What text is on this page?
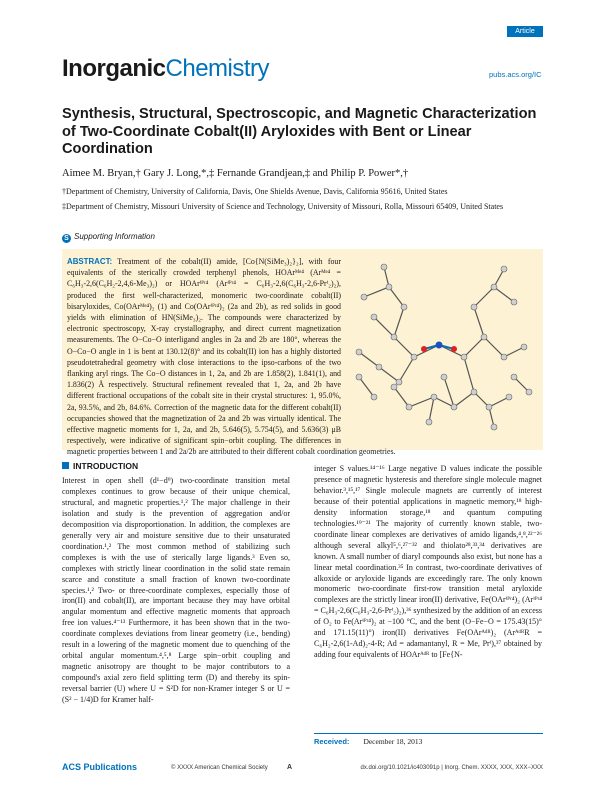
InorganicChemistry
Article
pubs.acs.org/IC
Synthesis, Structural, Spectroscopic, and Magnetic Characterization of Two-Coordinate Cobalt(II) Aryloxides with Bent or Linear Coordination
Aimee M. Bryan,† Gary J. Long,*,‡ Fernande Grandjean,‡ and Philip P. Power*,†
†Department of Chemistry, University of California, Davis, One Shields Avenue, Davis, California 95616, United States
‡Department of Chemistry, Missouri University of Science and Technology, University of Missouri, Rolla, Missouri 65409, United States
S Supporting Information
ABSTRACT: Treatment of the cobalt(II) amide, [Co{N(SiMe₃)₂}₂], with four equivalents of the sterically crowded terphenyl phenols, HOArᴹᵉ⁴ (Arᴹᵉ⁴ = C₆H₃-2,6(C₆H₂-2,4,6-Me₃)₂) or HOArⁱᴾʳ⁴ (Arⁱᴾʳ⁴ = C₆H₃-2,6(C₆H₃-2,6-Prⁱ₂)₂), produced the first well-characterized, monomeric two-coordinate cobalt(II) bisaryloxides, Co(OArᴹᵉ⁴)₂ (1) and Co(OArⁱᴾʳ⁴)₂ (2a and 2b), as red solids in good yields with elimination of HN(SiMe₃)₂. The compounds were characterized by electronic spectroscopy, X-ray crystallography, and direct current magnetization measurements. The O−Co−O interligand angles in 2a and 2b are 180°, whereas the O−Co−O angle in 1 is bent at 130.12(8)° and its cobalt(II) ion has a highly distorted pseudotetrahedral geometry with close interactions to the ipso-carbons of the two flanking aryl rings. The Co−O distances in 1, 2a, and 2b are 1.858(2), 1.841(1), and 1.836(2) Å respectively. Structural refinement revealed that 1, 2a, and 2b have different fractional occupations of the cobalt site in their crystal structures: 1, 95.0%, 2a, 93.5%, and 2b, 84.6%. Correction of the magnetic data for the different cobalt(II) occupancies showed that the magnetization of 2a and 2b was virtually identical. The effective magnetic moments for 1, 2a, and 2b, 5.646(5), 5.754(5), and 5.636(3) μB respectively, were indicative of significant spin−orbit coupling. The differences in magnetic properties between 1 and 2a/2b are attributed to their different cobalt coordination geometries.
INTRODUCTION
Interest in open shell (d¹−d⁹) two-coordinate transition metal complexes continues to grow because of their unique chemical, structural, and magnetic properties.¹,² The major challenge in their isolation and study is the prevention of aggregation and/or decomposition via disproportionation. In addition, the complexes are generally very air and moisture sensitive due to their unsaturated coordination.¹,² The most common method of stabilizing such complexes is with the use of sterically large ligands.³ Even so, complexes with strictly linear coordination in the solid state remain scarce and constitute a small fraction of known two-coordinate species.¹,² Two- or three-coordinate complexes, especially those of iron(II) and cobalt(II), are important because they may have orbital angular momentum and effective magnetic moments that approach free ion values.⁴⁻¹³ Furthermore, it has been shown that in the two-coordinate complexes deviations from linear geometry (i.e., bending) result in a lowering of the magnetic moment due to quenching of the orbital angular momentum.⁴,⁵,⁸ Large spin−orbit coupling and magnetic anisotropy are thought to be major contributors to a compound's axial zero field splitting term (D) and thereby its spin-reversal barrier (U) where U = S²D for non-Kramer integer S or U = (S² − 1/4)D for Kramer half-
integer S values.¹⁴⁻¹⁶ Large negative D values indicate the possible presence of magnetic hysteresis and therefore single molecule magnet behavior.³,¹⁵,¹⁷ Single molecule magnets are currently of interest because of their potential applications in magnetic memory,¹⁸ high-density information storage,¹⁸ and quantum computing technologies.¹⁹⁻²¹ The majority of currently known stable, two-coordinate linear complexes are derivatives of amido ligands,⁴,⁸,²²⁻²⁶ although several alkyl⁵,⁶,²⁷⁻³² and thiolato²⁸,³³,³⁴ derivatives are known. A small number of diaryl compounds also exist, but none has a linear metal coordination.³⁵ In contrast, two-coordinate derivatives of alkoxide or aryloxide ligands are exceedingly rare. The only known monomeric two-coordinate first-row transition metal aryloxide complexes are the strictly linear iron(II) derivative, Fe(OArⁱᴾʳ⁴)₂ (Arⁱᴾʳ⁴ = C₆H₃-2,6(C₆H₃-2,6-Prⁱ₂)₂),³⁶ synthesized by the addition of an excess of O₂ to Fe(Arⁱᴾʳ⁴)₂ at −100 °C, and the bent (O−Fe−O = 175.43(15)° and 171.15(11)°) iron(II) derivatives Fe(OArᴬᵈᴿ)₂ (ArᴬᵈᴿR = C₆H₂-2,6(1-Ad)₂-4-R; Ad = adamantanyl, R = Me, Prⁱ),³⁷ obtained by adding four equivalents of HOArᴬᵈᴿ to [Fe{N-
Received: December 18, 2013
ACS Publications	© XXXX American Chemical Society	A	dx.doi.org/10.1021/ic403091p | Inorg. Chem. XXXX, XXX, XXX−XXX
